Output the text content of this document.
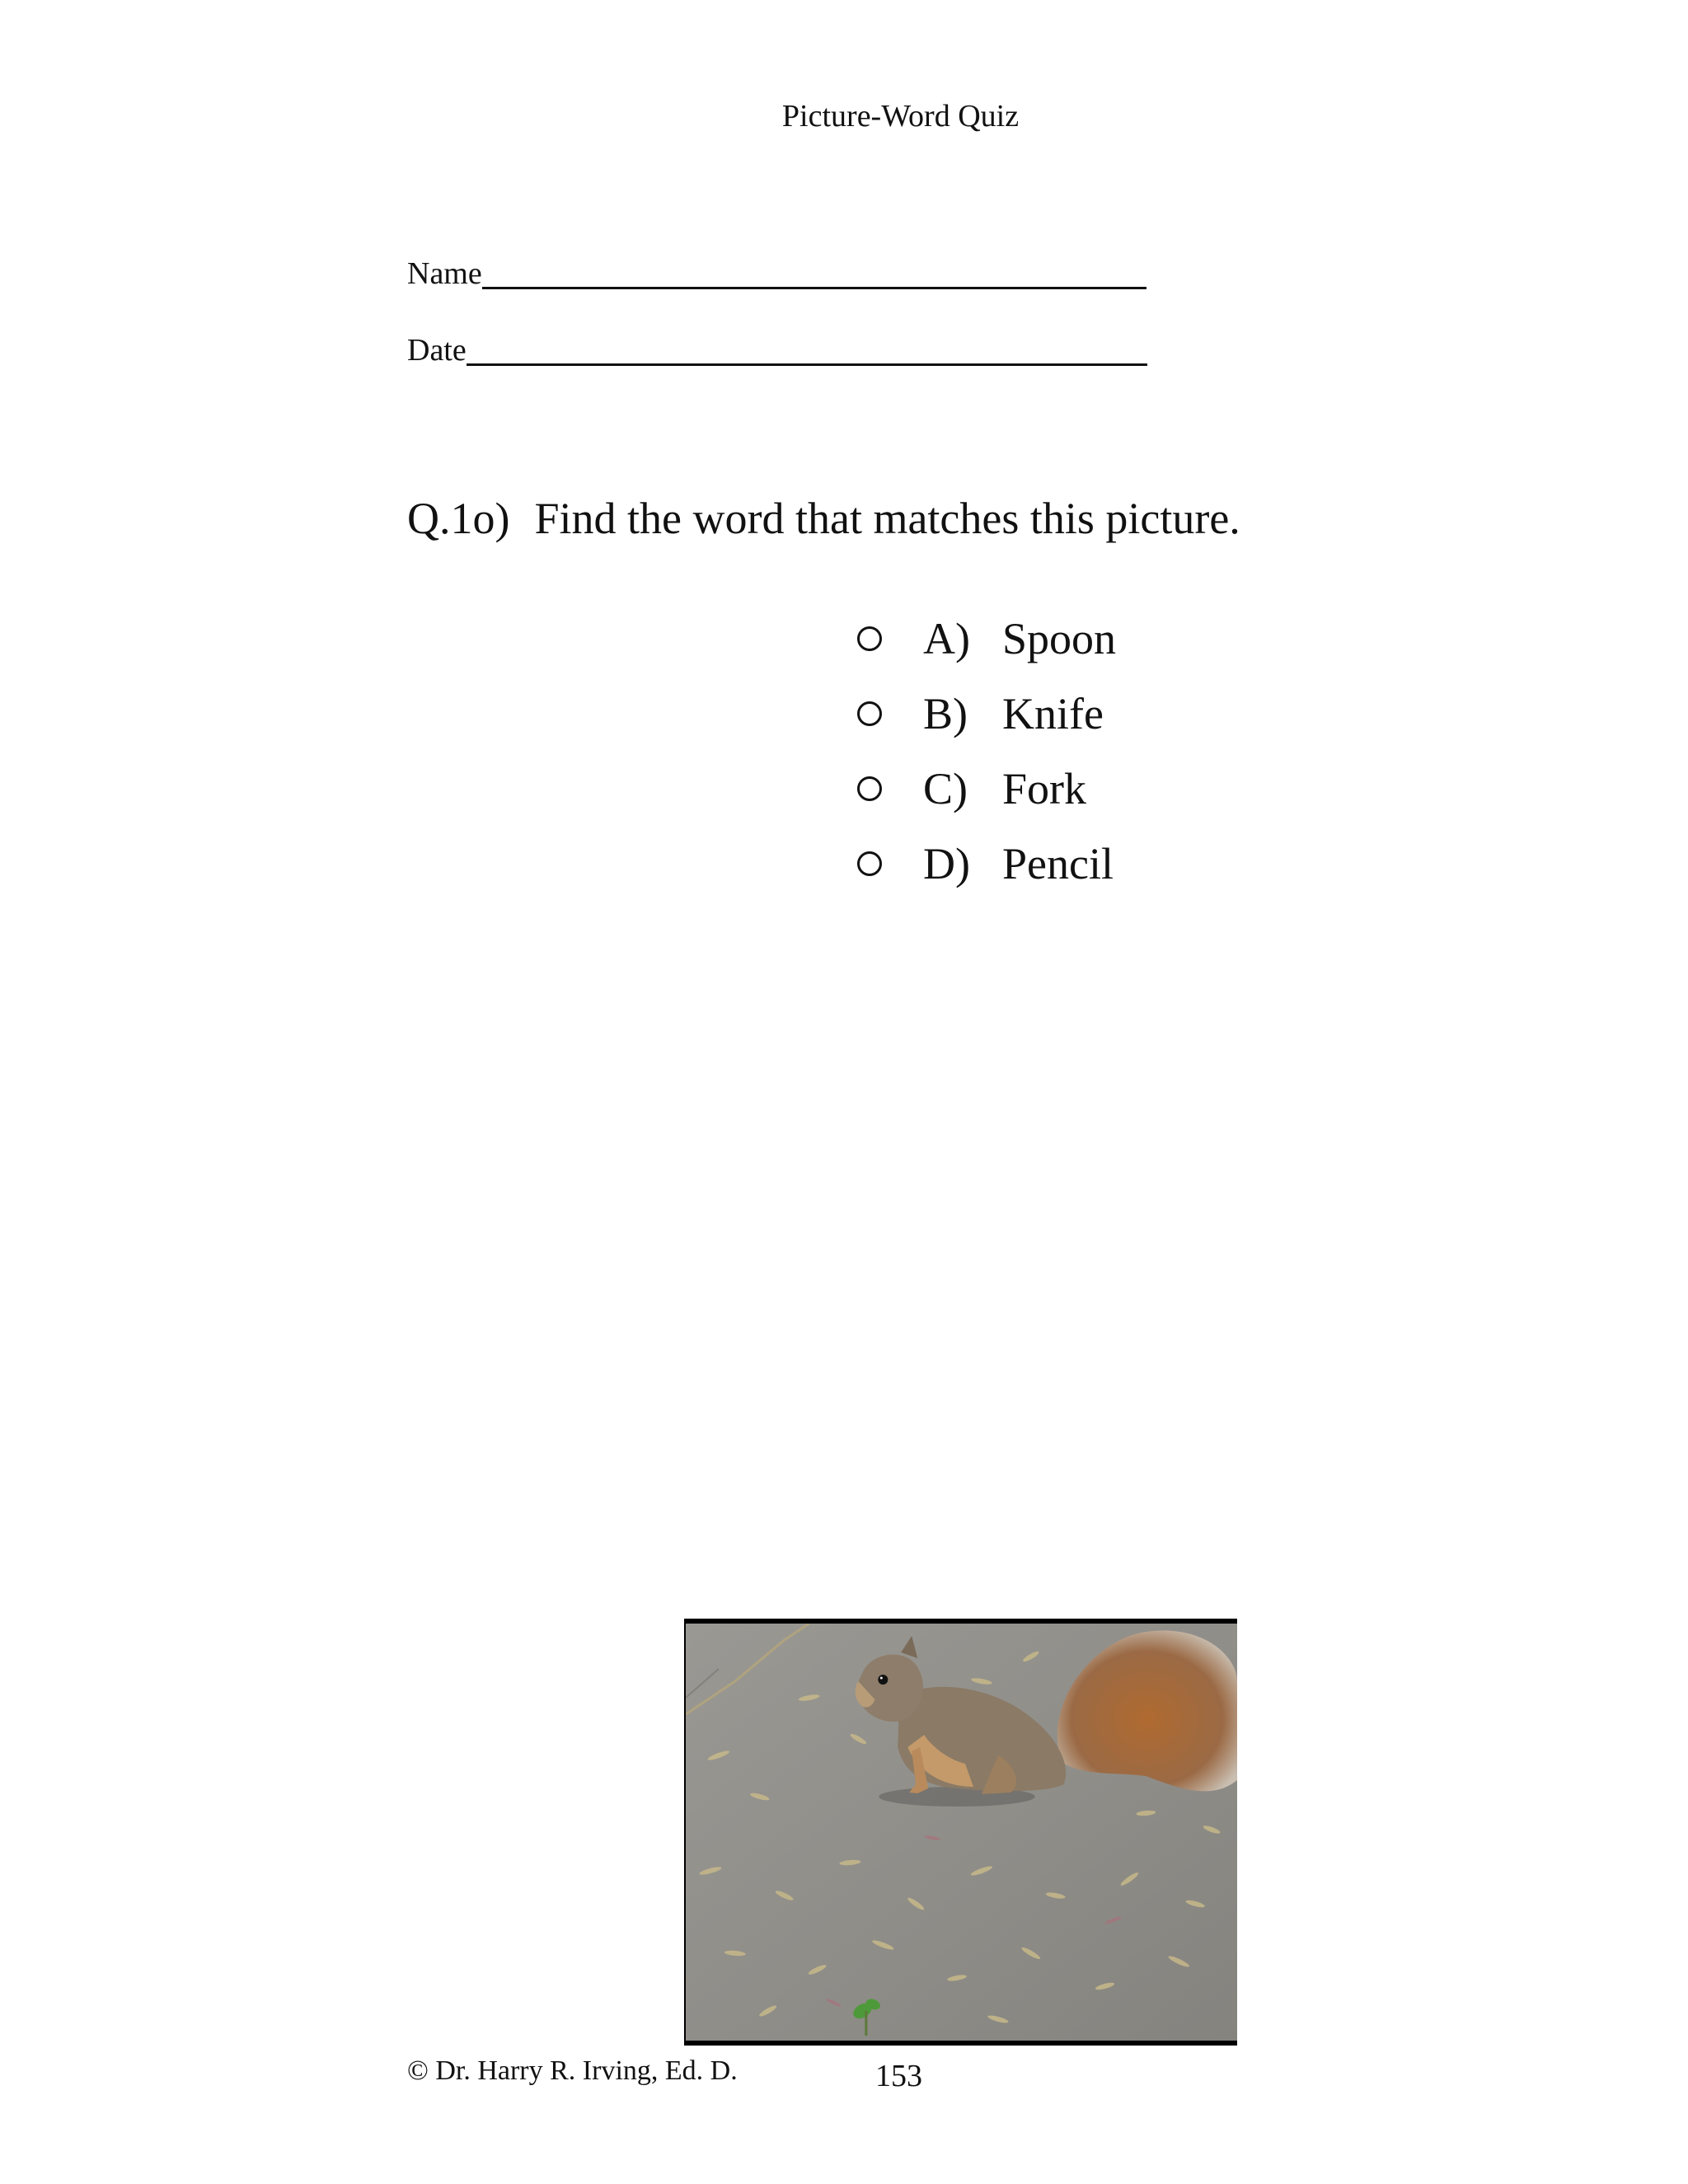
Picture-Word Quiz
Name
Date
Q.1o) Find the word that matches this picture.
A) Spoon
B) Knife
C) Fork
D) Pencil
© Dr. Harry R. Irving, Ed. D.	153
